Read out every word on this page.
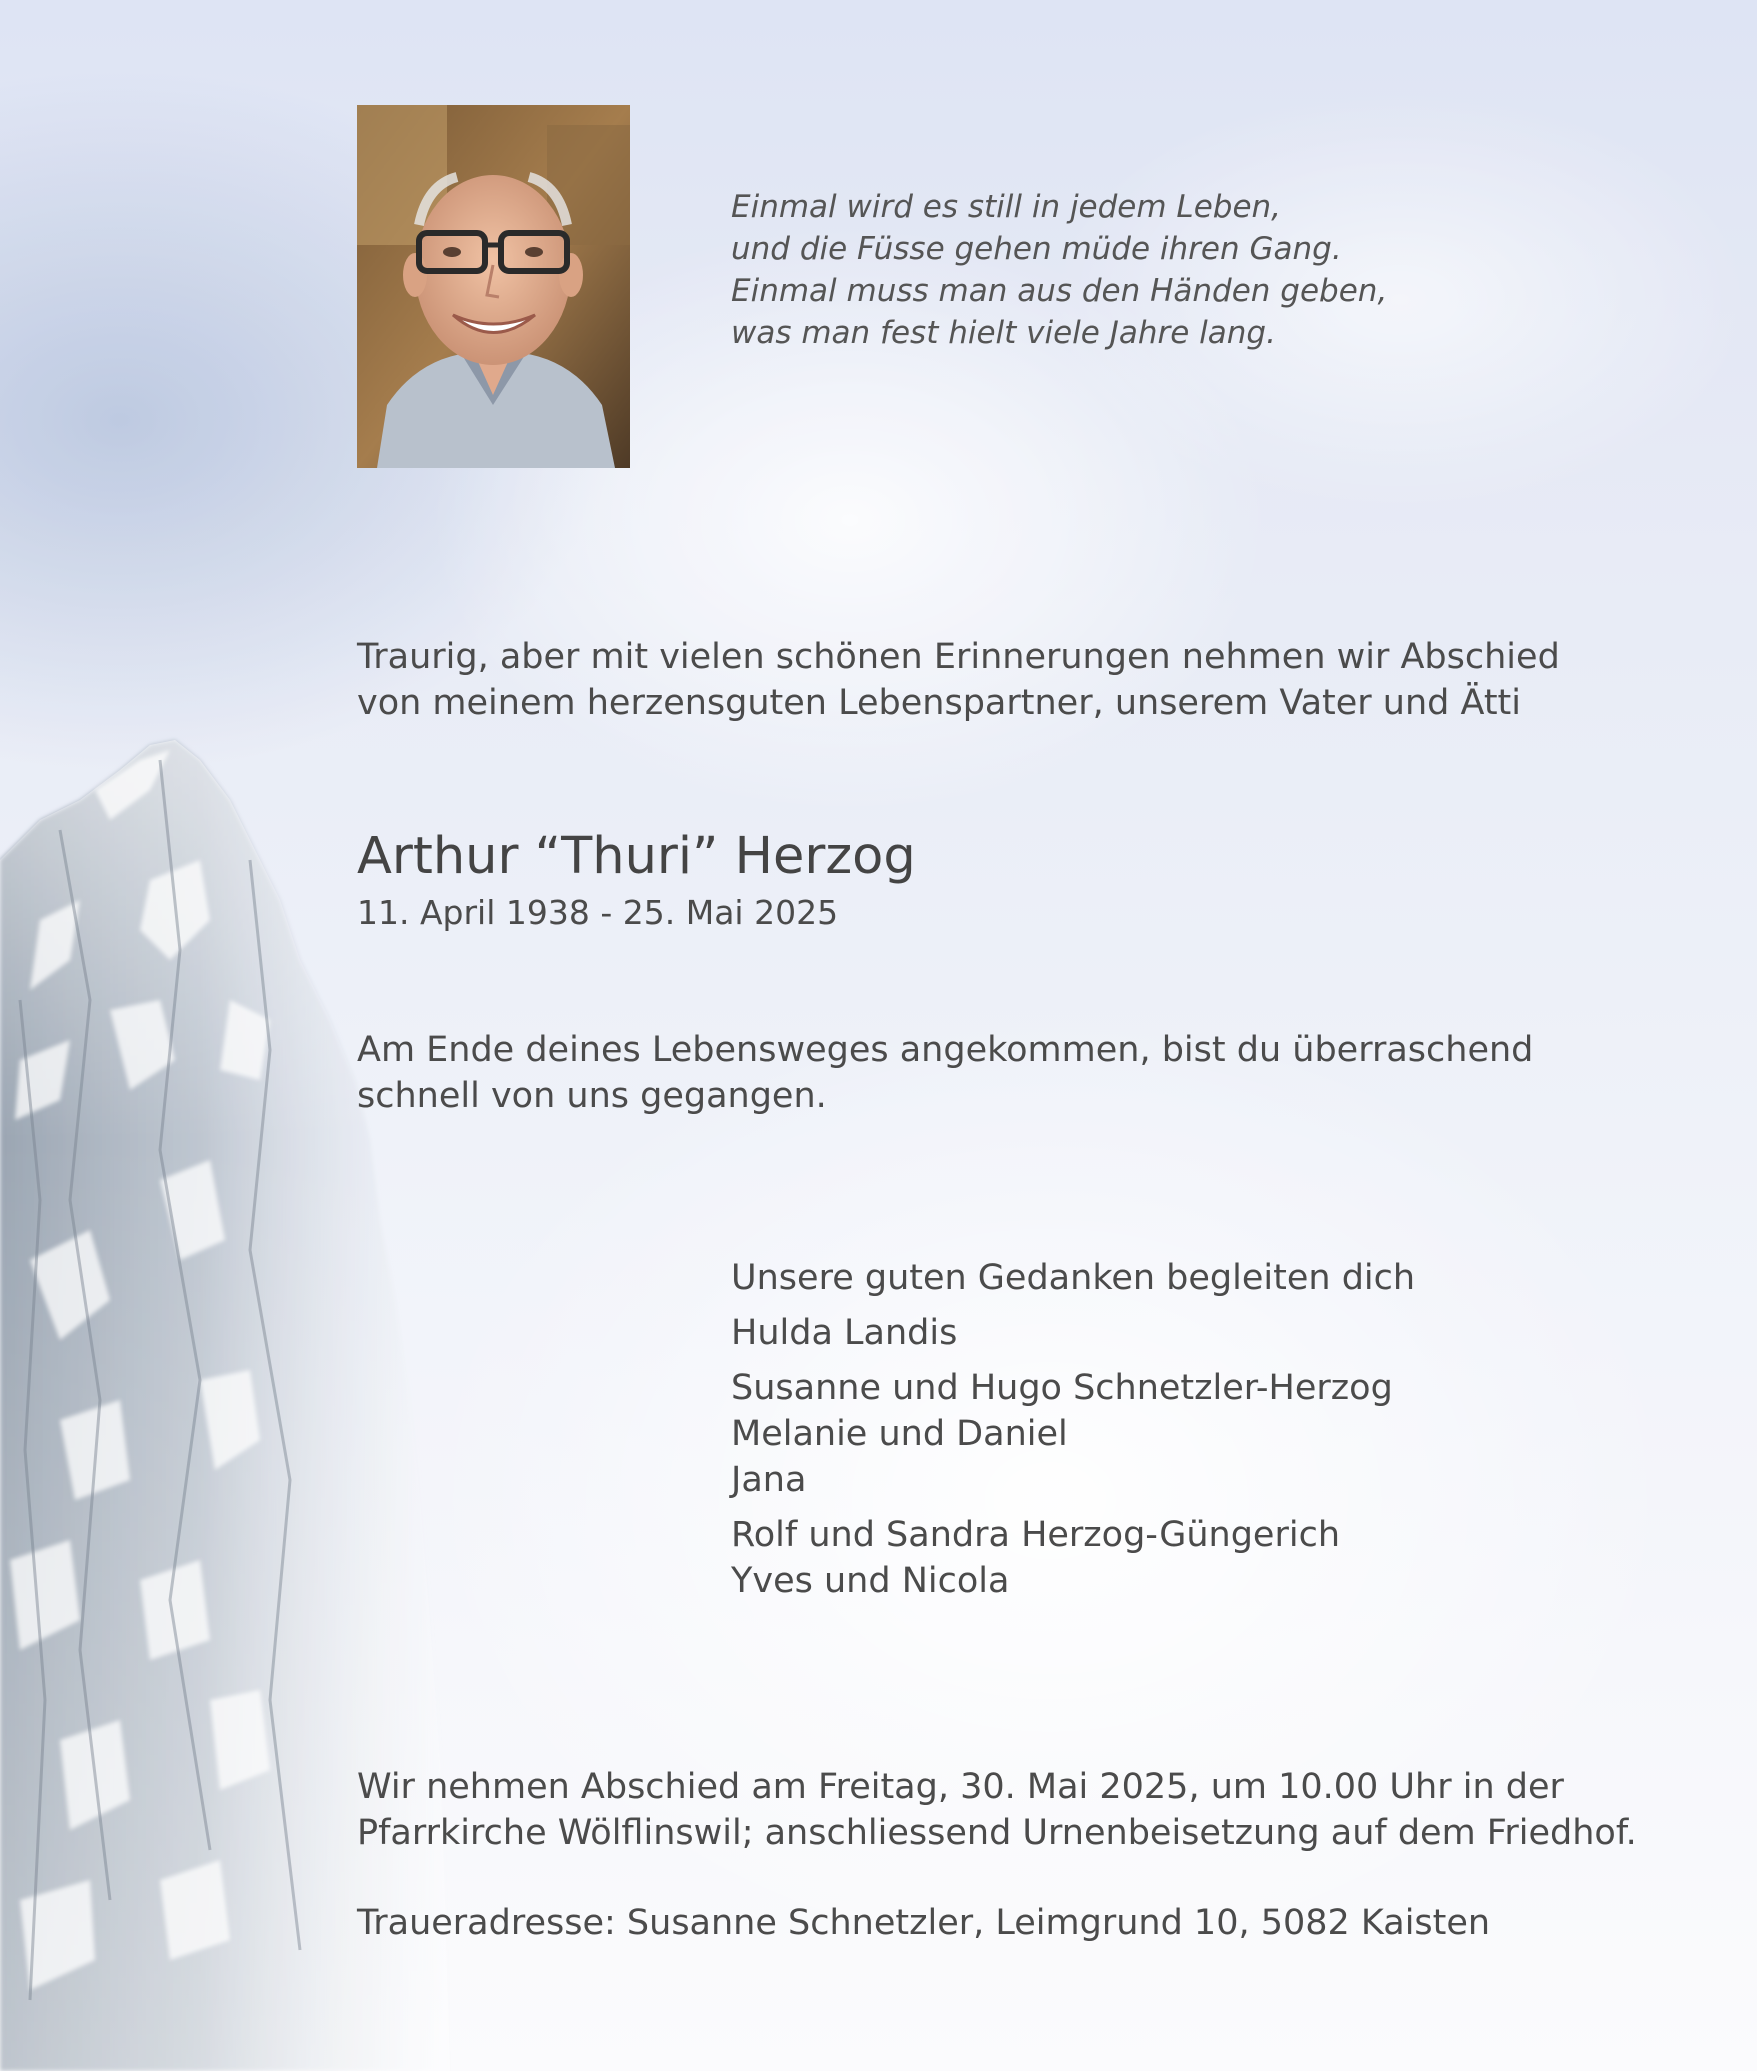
Einmal wird es still in jedem Leben,
und die Füsse gehen müde ihren Gang.
Einmal muss man aus den Händen geben,
was man fest hielt viele Jahre lang.
Traurig, aber mit vielen schönen Erinnerungen nehmen wir Abschied
von meinem herzensguten Lebenspartner, unserem Vater und Ätti
Arthur “Thuri” Herzog
11. April 1938 - 25. Mai 2025
Am Ende deines Lebensweges angekommen, bist du überraschend
schnell von uns gegangen.
Unsere guten Gedanken begleiten dich
Hulda Landis
Susanne und Hugo Schnetzler-Herzog
Melanie und Daniel
Jana
Rolf und Sandra Herzog-Güngerich
Yves und Nicola
Wir nehmen Abschied am Freitag, 30. Mai 2025, um 10.00 Uhr in der
Pfarrkirche Wölflinswil; anschliessend Urnenbeisetzung auf dem Friedhof.
Traueradresse: Susanne Schnetzler, Leimgrund 10, 5082 Kaisten
